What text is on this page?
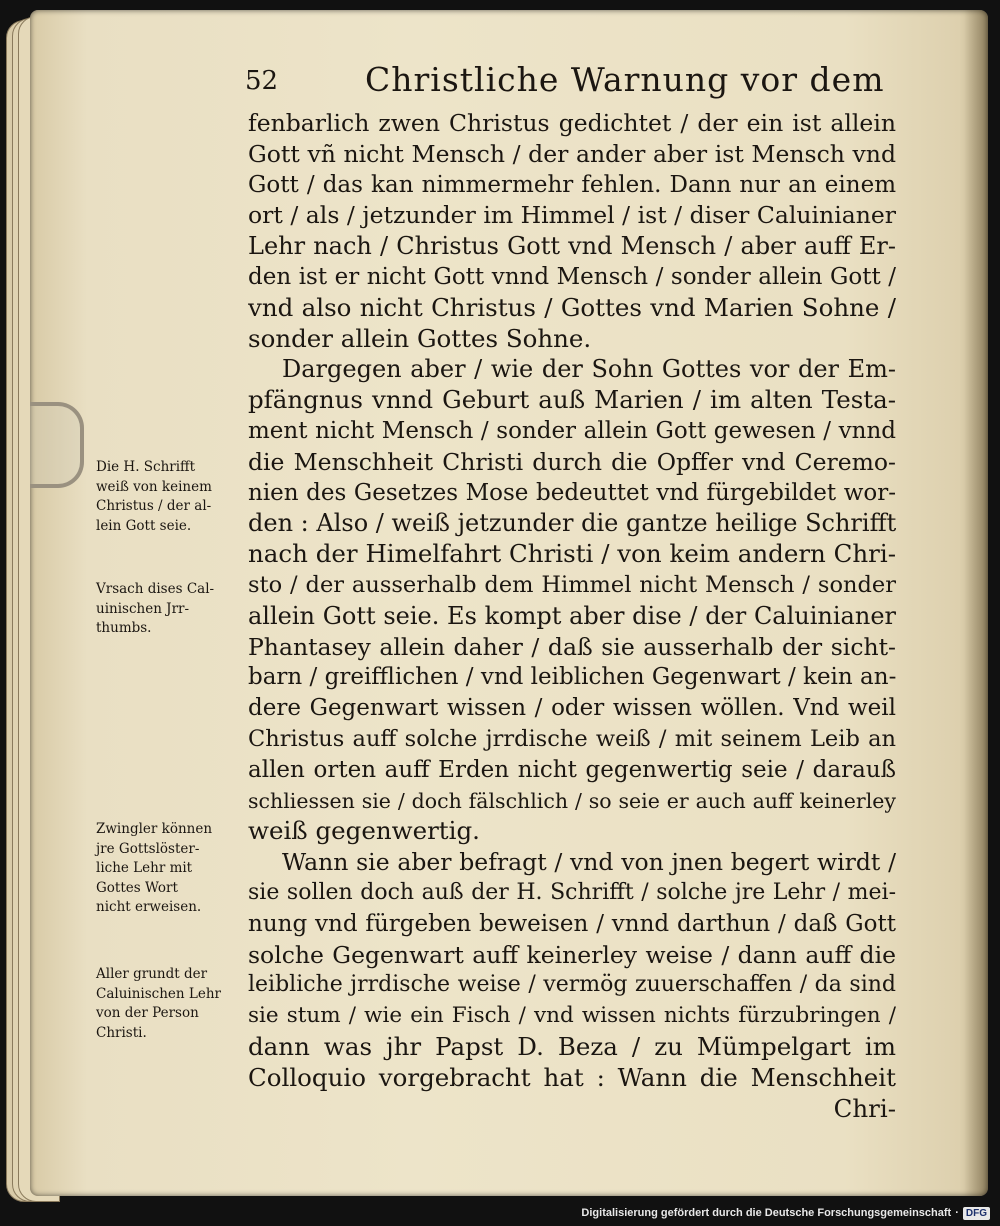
52	Christliche Warnung vor dem
fenbarlich zwen Christus gedichtet / der ein ist allein
Gott vñ nicht Mensch / der ander aber ist Mensch vnd
Gott / das kan nimmermehr fehlen. Dann nur an einem
ort / als / jetzunder im Himmel / ist / diser Caluinianer
Lehr nach / Christus Gott vnd Mensch / aber auff Er-
den ist er nicht Gott vnnd Mensch / sonder allein Gott /
vnd also nicht Christus / Gottes vnd Marien Sohne /
sonder allein Gottes Sohne.
Dargegen aber / wie der Sohn Gottes vor der Em-
pfängnus vnnd Geburt auß Marien / im alten Testa-
ment nicht Mensch / sonder allein Gott gewesen / vnnd
die Menschheit Christi durch die Opffer vnd Ceremo-
nien des Gesetzes Mose bedeuttet vnd fürgebildet wor-
den : Also / weiß jetzunder die gantze heilige Schrifft
nach der Himelfahrt Christi / von keim andern Chri-
sto / der ausserhalb dem Himmel nicht Mensch / sonder
allein Gott seie. Es kompt aber dise / der Caluinianer
Phantasey allein daher / daß sie ausserhalb der sicht-
barn / greifflichen / vnd leiblichen Gegenwart / kein an-
dere Gegenwart wissen / oder wissen wöllen. Vnd weil
Christus auff solche jrrdische weiß / mit seinem Leib an
allen orten auff Erden nicht gegenwertig seie / darauß
schliessen sie / doch fälschlich / so seie er auch auff keinerley
weiß gegenwertig.
Wann sie aber befragt / vnd von jnen begert wirdt /
sie sollen doch auß der H. Schrifft / solche jre Lehr / mei-
nung vnd fürgeben beweisen / vnnd darthun / daß Gott
solche Gegenwart auff keinerley weise / dann auff die
leibliche jrrdische weise / vermög zuuerschaffen / da sind
sie stum / wie ein Fisch / vnd wissen nichts fürzubringen /
dann was jhr Papst D. Beza / zu Mümpelgart im
Colloquio vorgebracht hat : Wann die Menschheit
Chri-
Die H. Schrifft
weiß von keinem
Christus / der al-
lein Gott seie.
Vrsach dises Cal-
uinischen Jrr-
thumbs.
Zwingler können
jre Gottslöster-
liche Lehr mit
Gottes Wort
nicht erweisen.
Aller grundt der
Caluinischen Lehr
von der Person
Christi.
Digitalisierung gefördert durch die Deutsche Forschungsgemeinschaft · DFG
